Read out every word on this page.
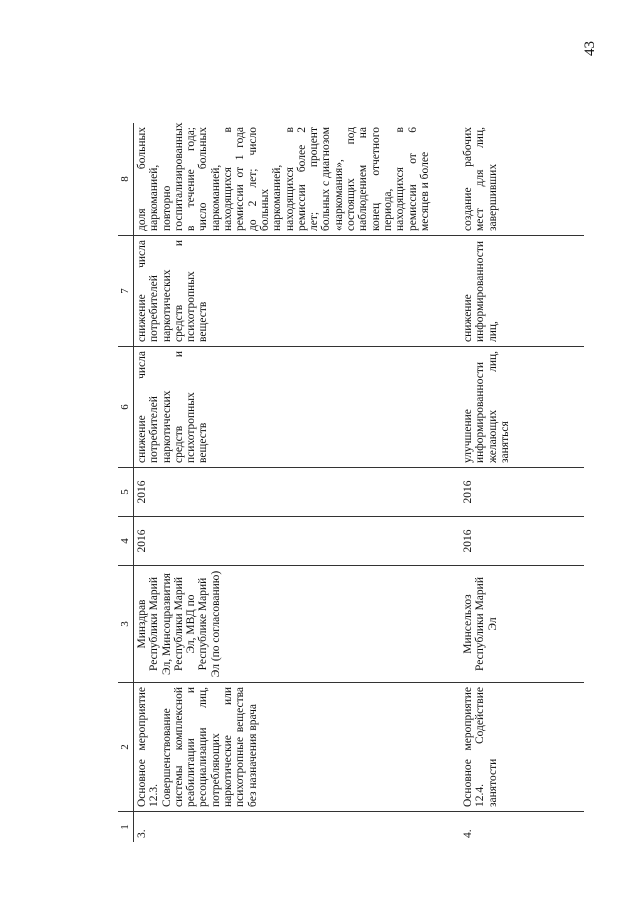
43
1	2	3	4	5	6	7	8
3.	Основное мероприятие 12.3. Совершенствование системы комплексной реабилитации и ресоциализации лиц, потребляющих наркотические или психотропные вещества без назначения врача	Минздрав Республики Марий Эл, Минсоцразвития Республики Марий Эл, МВД по Республике Марий Эл (по согласованию)	2016	2016	снижение числа потребителей наркотических средств и психотропных веществ	снижение числа потребителей наркотических средств и психотропных веществ	доля больных наркоманией, повторно госпитализированных в течение года; число больных наркоманией, находящихся в ремиссии от 1 года до 2 лет; число больных наркоманией, находящихся в ремиссии более 2 лет; процент больных с диагнозом «наркомания», состоящих под наблюдением на конец отчетного периода, находящихся в ремиссии от 6 месяцев и более
4.	Основное мероприятие 12.4. Содействие занятости	Минсельхоз Республики Марий Эл	2016	2016	улучшение информированности желающих лиц, заняться	снижение информированности лиц,	создание рабочих мест для лиц, завершивших
